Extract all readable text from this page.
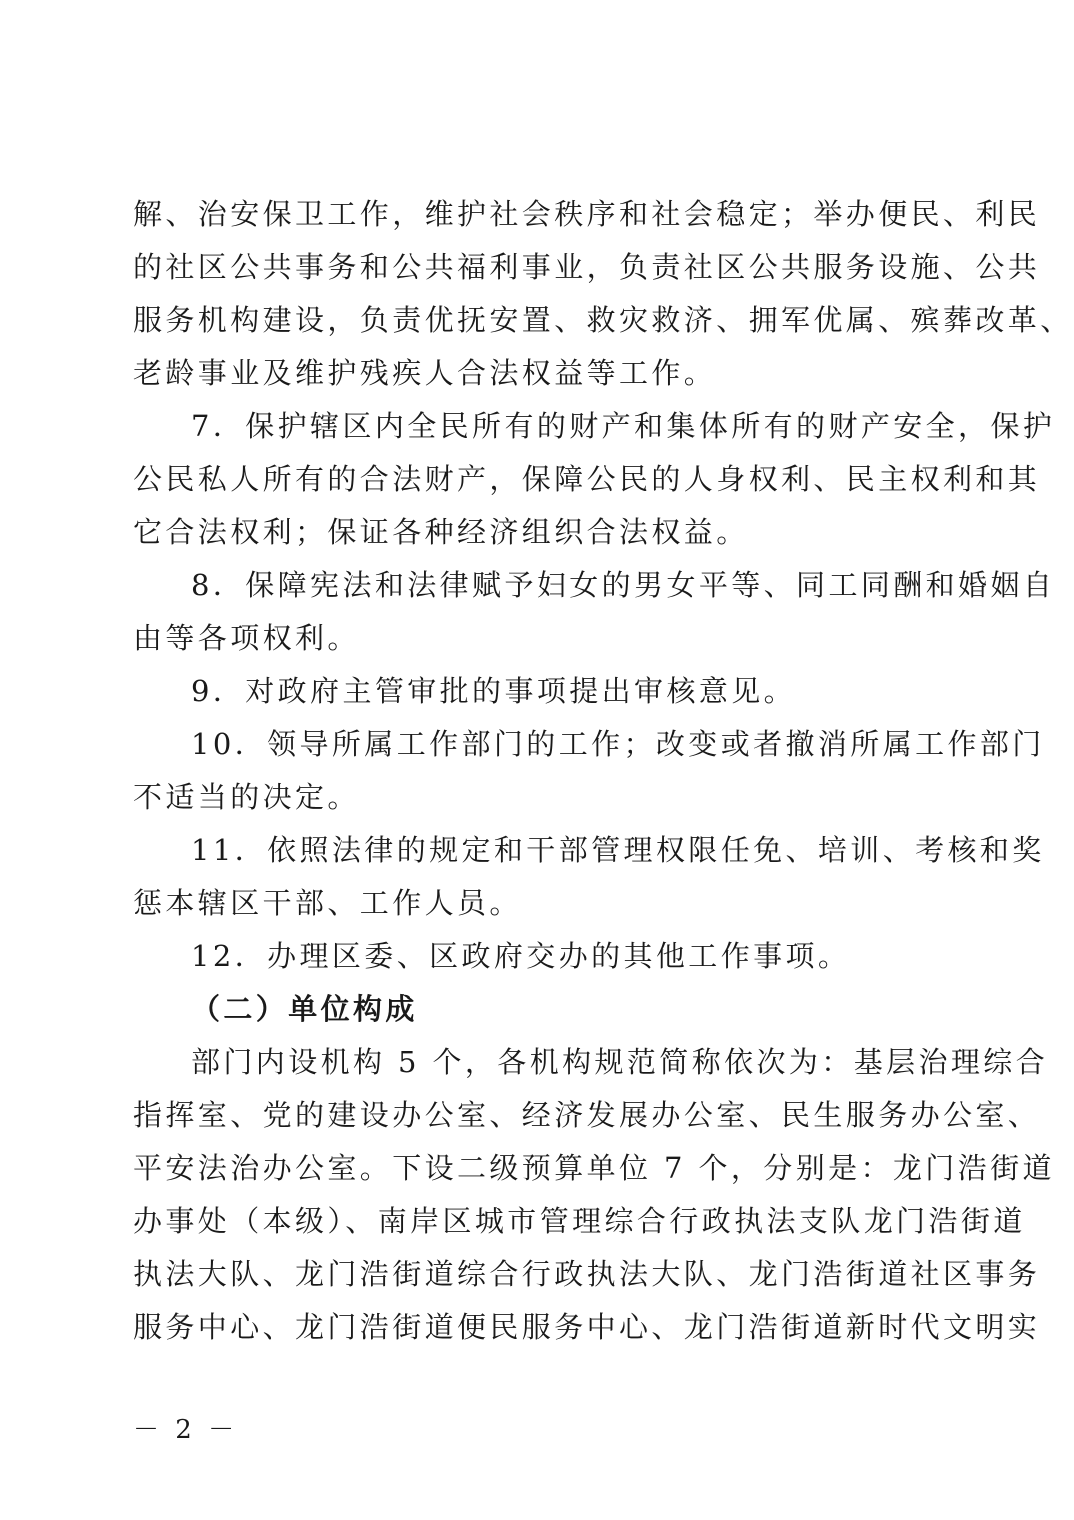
解、治安保卫工作，维护社会秩序和社会稳定；举办便民、利民
的社区公共事务和公共福利事业，负责社区公共服务设施、公共
服务机构建设，负责优抚安置、救灾救济、拥军优属、殡葬改革、
老龄事业及维护残疾人合法权益等工作。
7．保护辖区内全民所有的财产和集体所有的财产安全，保护
公民私人所有的合法财产，保障公民的人身权利、民主权利和其
它合法权利；保证各种经济组织合法权益。
8．保障宪法和法律赋予妇女的男女平等、同工同酬和婚姻自
由等各项权利。
9．对政府主管审批的事项提出审核意见。
10．领导所属工作部门的工作；改变或者撤消所属工作部门
不适当的决定。
11．依照法律的规定和干部管理权限任免、培训、考核和奖
惩本辖区干部、工作人员。
12．办理区委、区政府交办的其他工作事项。
（二）单位构成
部门内设机构 5 个，各机构规范简称依次为：基层治理综合
指挥室、党的建设办公室、经济发展办公室、民生服务办公室、
平安法治办公室。下设二级预算单位 7 个，分别是：龙门浩街道
办事处（本级）、南岸区城市管理综合行政执法支队龙门浩街道
执法大队、龙门浩街道综合行政执法大队、龙门浩街道社区事务
服务中心、龙门浩街道便民服务中心、龙门浩街道新时代文明实
－ 2 －
